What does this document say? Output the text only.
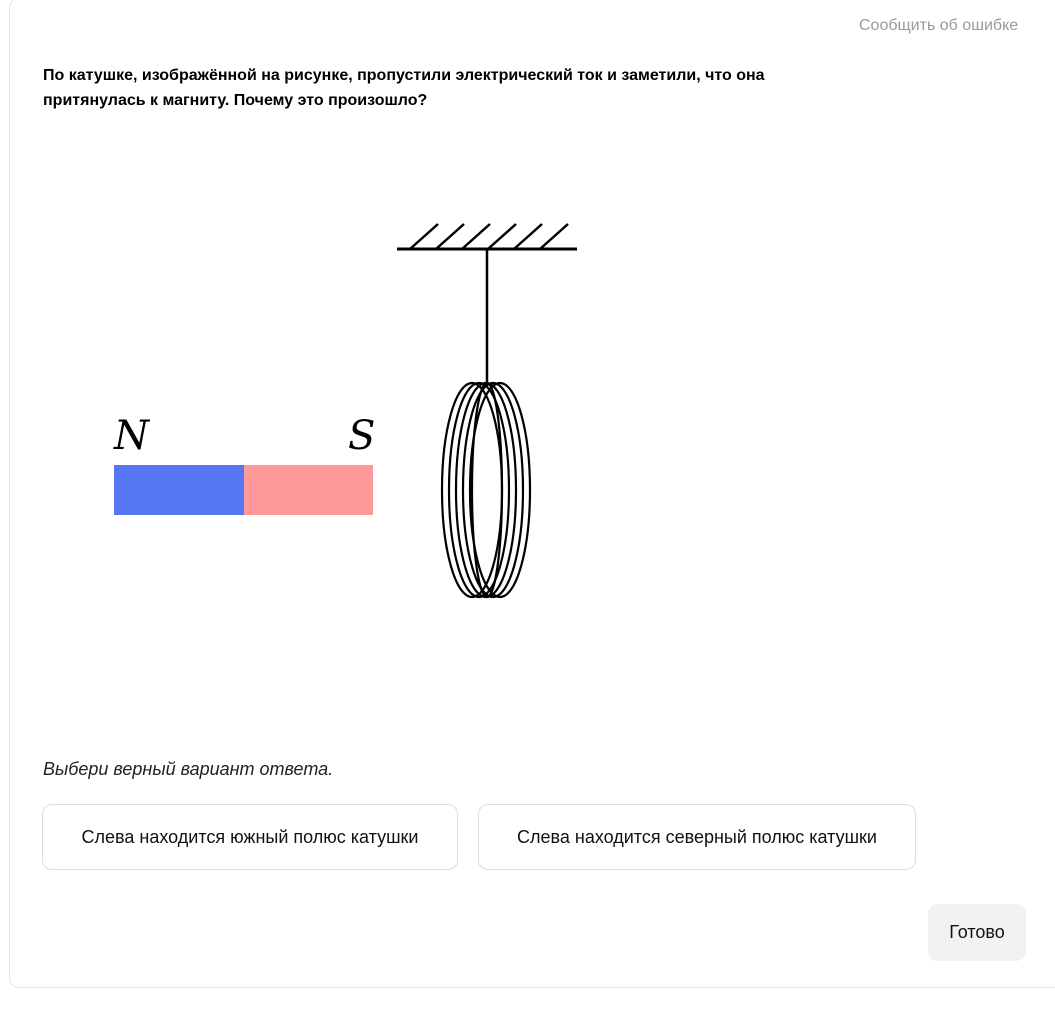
Сообщить об ошибке
По катушке, изображённой на рисунке, пропустили электрический ток и заметили, что она притянулась к магниту. Почему это произошло?
N	S
Выбери верный вариант ответа.
Слева находится южный полюс катушки	Слева находится северный полюс катушки
Готово
